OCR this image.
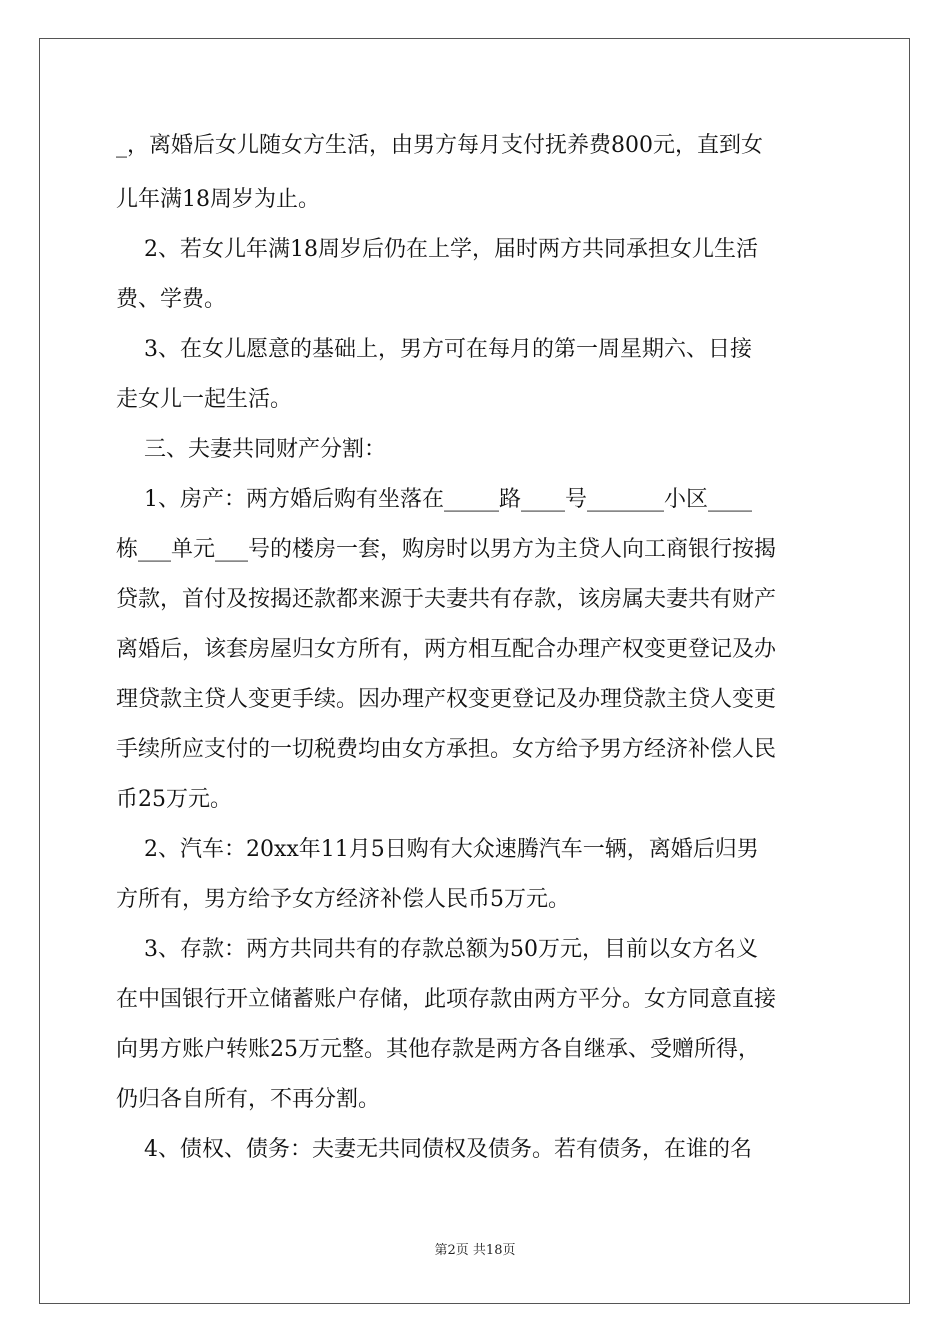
_，离婚后女儿随女方生活，由男方每月支付抚养费800元，直到女
儿年满18周岁为止。
2、若女儿年满18周岁后仍在上学，届时两方共同承担女儿生活
费、学费。
3、在女儿愿意的基础上，男方可在每月的第一周星期六、日接
走女儿一起生活。
三、夫妻共同财产分割：
1、房产：两方婚后购有坐落在_____路____号_______小区____
栋___单元___号的楼房一套，购房时以男方为主贷人向工商银行按揭
贷款，首付及按揭还款都来源于夫妻共有存款，该房属夫妻共有财产
离婚后，该套房屋归女方所有，两方相互配合办理产权变更登记及办
理贷款主贷人变更手续。因办理产权变更登记及办理贷款主贷人变更
手续所应支付的一切税费均由女方承担。女方给予男方经济补偿人民
币25万元。
2、汽车：20xx年11月5日购有大众速腾汽车一辆，离婚后归男
方所有，男方给予女方经济补偿人民币5万元。
3、存款：两方共同共有的存款总额为50万元，目前以女方名义
在中国银行开立储蓄账户存储，此项存款由两方平分。女方同意直接
向男方账户转账25万元整。其他存款是两方各自继承、受赠所得，
仍归各自所有，不再分割。
4、债权、债务：夫妻无共同债权及债务。若有债务，在谁的名
第2页 共18页
